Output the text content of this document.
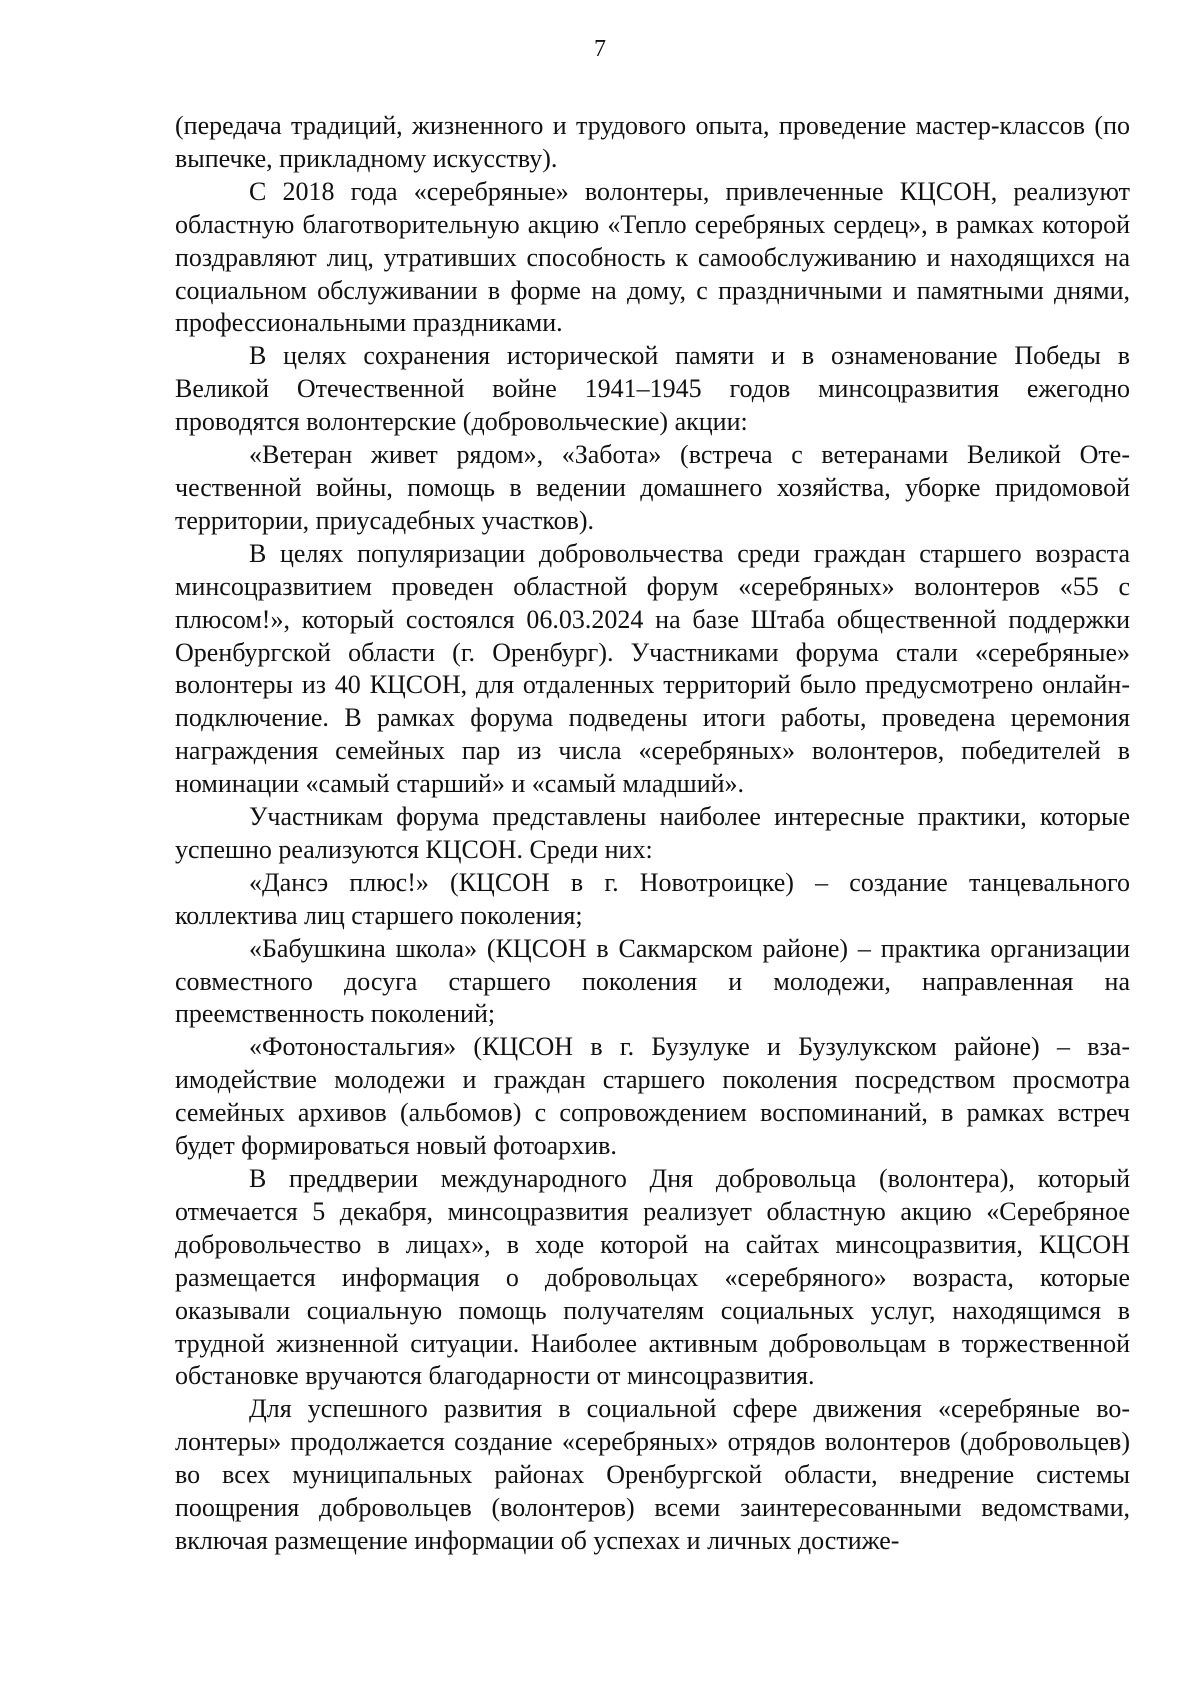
7

(передача традиций, жизненного и трудового опыта, проведение мастер-классов (по выпечке, прикладному искусству).

С 2018 года «серебряные» волонтеры, привлеченные КЦСОН, реализуют областную благотворительную акцию «Тепло серебряных сердец», в рамках которой поздравляют лиц, утративших способность к самообслуживанию и находящихся на социальном обслуживании в форме на дому, с праздничными и памятными днями, профессиональными праздниками.

В целях сохранения исторической памяти и в ознаменование Победы в Великой Отечественной войне 1941–1945 годов минсоцразвития ежегодно проводятся волонтерские (добровольческие) акции:

«Ветеран живет рядом», «Забота» (встреча с ветеранами Великой Отечественной войны, помощь в ведении домашнего хозяйства, уборке придомовой территории, приусадебных участков).

В целях популяризации добровольчества среди граждан старшего возраста минсоцразвитием проведен областной форум «серебряных» волонтеров «55 с плюсом!», который состоялся 06.03.2024 на базе Штаба общественной поддержки Оренбургской области (г. Оренбург). Участниками форума стали «серебряные» волонтеры из 40 КЦСОН, для отдаленных территорий было предусмотрено онлайн-подключение. В рамках форума подведены итоги работы, проведена церемония награждения семейных пар из числа «серебряных» волонтеров, победителей в номинации «самый старший» и «самый младший».

Участникам форума представлены наиболее интересные практики, которые успешно реализуются КЦСОН. Среди них:

«Дансэ плюс!» (КЦСОН в г. Новотроицке) – создание танцевального коллектива лиц старшего поколения;

«Бабушкина школа» (КЦСОН в Сакмарском районе) – практика организации совместного досуга старшего поколения и молодежи, направленная на преемственность поколений;

«Фотоностальгия» (КЦСОН в г. Бузулуке и Бузулукском районе) – взаимодействие молодежи и граждан старшего поколения посредством просмотра семейных архивов (альбомов) с сопровождением воспоминаний, в рамках встреч будет формироваться новый фотоархив.

В преддверии международного Дня добровольца (волонтера), который отмечается 5 декабря, минсоцразвития реализует областную акцию «Серебряное добровольчество в лицах», в ходе которой на сайтах минсоцразвития, КЦСОН размещается информация о добровольцах «серебряного» возраста, которые оказывали социальную помощь получателям социальных услуг, находящимся в трудной жизненной ситуации. Наиболее активным добровольцам в торжественной обстановке вручаются благодарности от минсоцразвития.

Для успешного развития в социальной сфере движения «серебряные волонтеры» продолжается создание «серебряных» отрядов волонтеров (добровольцев) во всех муниципальных районах Оренбургской области, внедрение системы поощрения добровольцев (волонтеров) всеми заинтересованными ведомствами, включая размещение информации об успехах и личных достиже-
